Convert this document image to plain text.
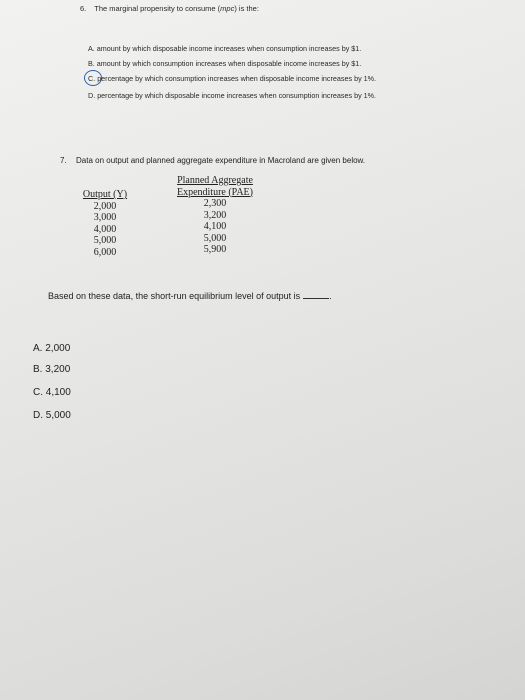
6. The marginal propensity to consume (mpc) is the:
A. amount by which disposable income increases when consumption increases by $1.
B. amount by which consumption increases when disposable income increases by $1.
C. percentage by which consumption increases when disposable income increases by 1%.
D. percentage by which disposable income increases when consumption increases by 1%.
7. Data on output and planned aggregate expenditure in Macroland are given below.
Output (Y)
2,000
3,000
4,000
5,000
6,000
Planned Aggregate
Expenditure (PAE)
2,300
3,200
4,100
5,000
5,900
Based on these data, the short-run equilibrium level of output is	.
A. 2,000
B. 3,200
C. 4,100
D. 5,000
